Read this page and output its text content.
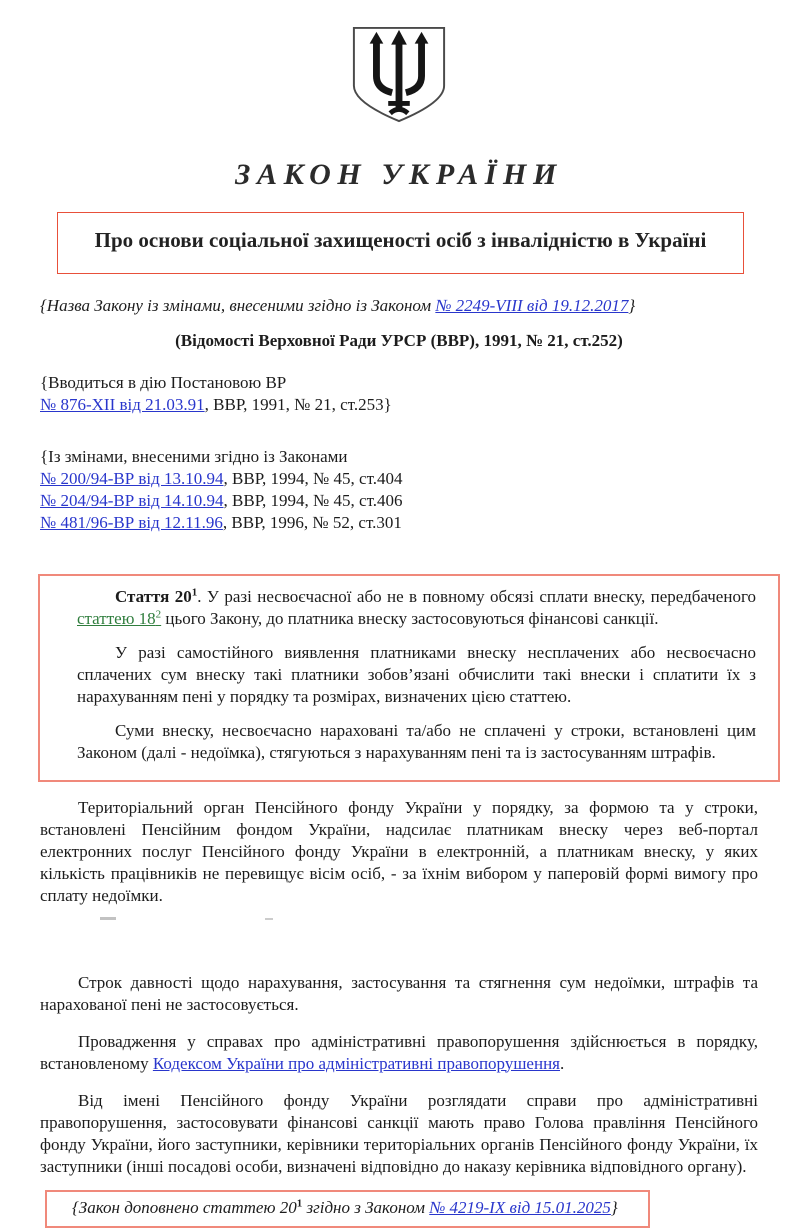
ЗАКОН УКРАЇНИ
Про основи соціальної захищеності осіб з інвалідністю в Україні

{Назва Закону із змінами, внесеними згідно із Законом № 2249-VIII від 19.12.2017}

(Відомості Верховної Ради УРСР (ВВР), 1991, № 21, ст.252)

{Вводиться в дію Постановою ВР
№ 876-XII від 21.03.91, ВВР, 1991, № 21, ст.253}

{Із змінами, внесеними згідно із Законами
№ 200/94-ВР від 13.10.94, ВВР, 1994, № 45, ст.404
№ 204/94-ВР від 14.10.94, ВВР, 1994, № 45, ст.406
№ 481/96-ВР від 12.11.96, ВВР, 1996, № 52, ст.301

Стаття $20^1$. У разі несвоєчасної або не в повному обсязі сплати внеску, передбаченого статтею $18^2$ цього Закону, до платника внеску застосовуються фінансові санкції.

У разі самостійного виявлення платниками внеску несплачених або несвоєчасно сплачених сум внеску такі платники зобов’язані обчислити такі внески і сплатити їх з нарахуванням пені у порядку та розмірах, визначених цією статтею.

Суми внеску, несвоєчасно нараховані та/або не сплачені у строки, встановлені цим Законом (далі - недоїмка), стягуються з нарахуванням пені та із застосуванням штрафів.

Територіальний орган Пенсійного фонду України у порядку, за формою та у строки, встановлені Пенсійним фондом України, надсилає платникам внеску через веб-портал електронних послуг Пенсійного фонду України в електронній, а платникам внеску, у яких кількість працівників не перевищує вісім осіб, - за їхнім вибором у паперовій формі вимогу про сплату недоїмки.

Строк давності щодо нарахування, застосування та стягнення сум недоїмки, штрафів та нарахованої пені не застосовується.

Провадження у справах про адміністративні правопорушення здійснюється в порядку, встановленому Кодексом України про адміністративні правопорушення.

Від імені Пенсійного фонду України розглядати справи про адміністративні правопорушення, застосовувати фінансові санкції мають право Голова правління Пенсійного фонду України, його заступники, керівники територіальних органів Пенсійного фонду України, їх заступники (інші посадові особи, визначені відповідно до наказу керівника відповідного органу).

{Закон доповнено статтею $20^1$ згідно з Законом № 4219-IX від 15.01.2025}
